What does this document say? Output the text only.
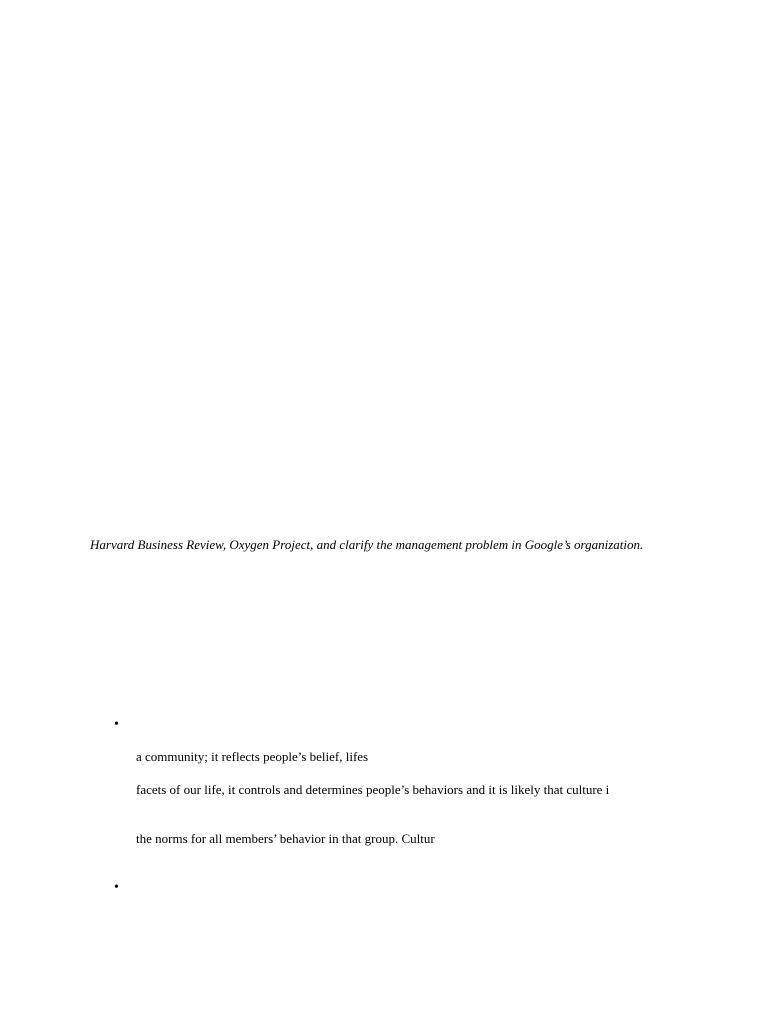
Harvard Business Review, Oxygen Project, and clarify the management problem in Google’s organization.
•
a community; it reflects people’s belief, lifes
facets of our life, it controls and determines people’s behaviors and it is likely that culture i
the norms for all members’ behavior in that group. Cultur
•
